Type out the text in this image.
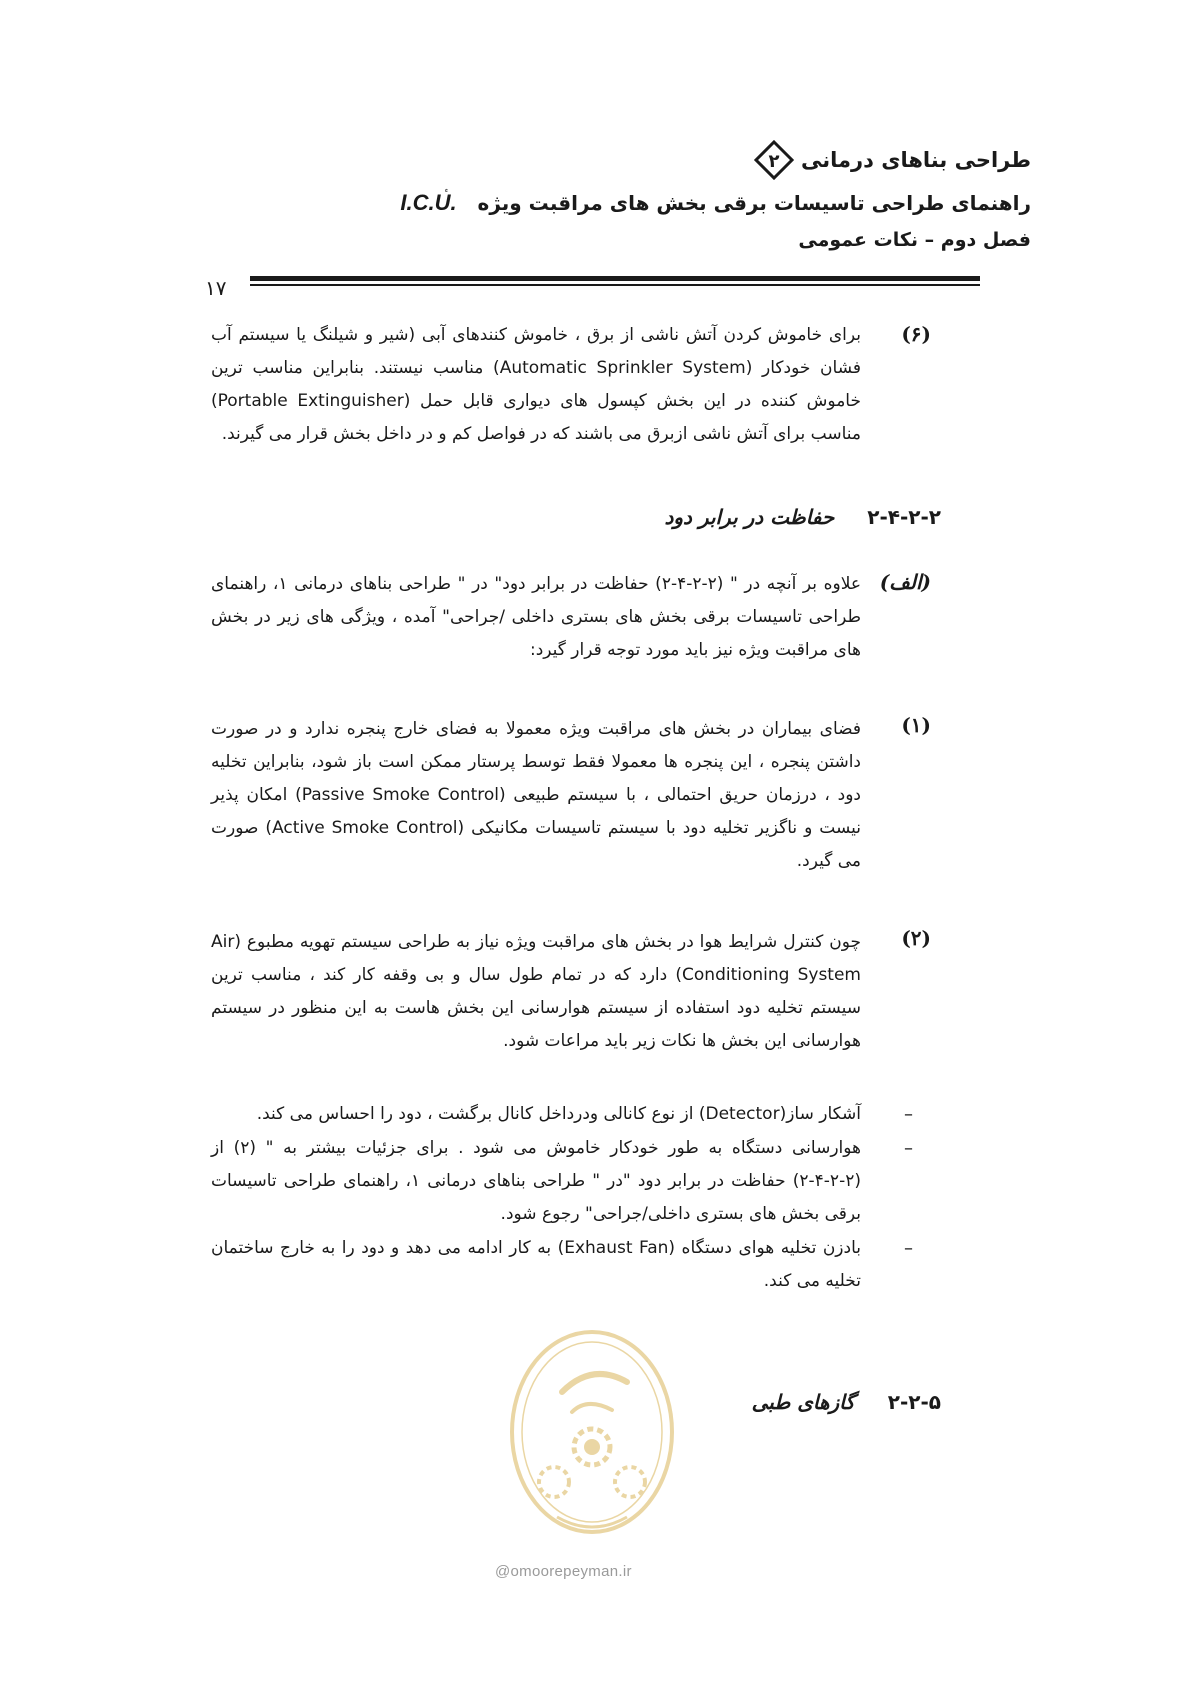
طراحی بناهای درمانی
۲
راهنمای طراحی تاسیسات برقی بخش های مراقبت ویژه   I.C.U.
فصل دوم – نکات عمومی
۱۷
(۶)
برای خاموش کردن آتش ناشی از برق ، خاموش کنندهای آبی (شیر و شیلنگ یا سیستم آب فشان خودکار (Automatic Sprinkler System) مناسب نیستند. بنابراین مناسب ترین خاموش کننده در این بخش کپسول های دیواری قابل حمل (Portable Extinguisher) مناسب برای آتش ناشی ازبرق می باشند که در فواصل کم و در داخل بخش قرار می گیرند.
۲-۴-۲-۲ حفاظت در برابر دود
(الف)
علاوه بر آنچه در " (۲-۲-۴-۲) حفاظت در برابر دود" در " طراحی بناهای درمانی ۱، راهنمای طراحی تاسیسات برقی بخش های بستری داخلی /جراحی" آمده ، ویژگی های زیر در بخش های مراقبت ویژه نیز باید مورد توجه قرار گیرد:
(۱)
فضای بیماران در بخش های مراقبت ویژه معمولا به فضای خارج پنجره ندارد و در صورت داشتن پنجره ، این پنجره ها معمولا فقط توسط پرستار ممکن است باز شود، بنابراین تخلیه دود ، درزمان حریق احتمالی ، با سیستم طبیعی (Passive Smoke Control) امکان پذیر نیست و ناگزیر تخلیه دود با سیستم تاسیسات مکانیکی (Active Smoke Control) صورت می گیرد.
(۲)
چون کنترل شرایط هوا در بخش های مراقبت ویژه نیاز به طراحی سیستم تهویه مطبوع (Air Conditioning System) دارد که در تمام طول سال و بی وقفه کار کند ، مناسب ترین سیستم تخلیه دود استفاده از سیستم هوارسانی این بخش هاست به این منظور در سیستم هوارسانی این بخش ها نکات زیر باید مراعات شود.
–
آشکار ساز(Detector) از نوع کانالی ودرداخل کانال برگشت ، دود را احساس می کند.
–
هوارسانی دستگاه به طور خودکار خاموش می شود . برای جزئیات بیشتر به " (۲) از (۲-۲-۴-۲) حفاظت در برابر دود "در " طراحی بناهای درمانی ۱، راهنمای طراحی تاسیسات برقی بخش های بستری داخلی/جراحی" رجوع شود.
–
بادزن تخلیه هوای دستگاه (Exhaust Fan) به کار ادامه می دهد و دود را به خارج ساختمان تخلیه می کند.
@omoorepeyman.ir
۲-۲-۵ گازهای طبی
